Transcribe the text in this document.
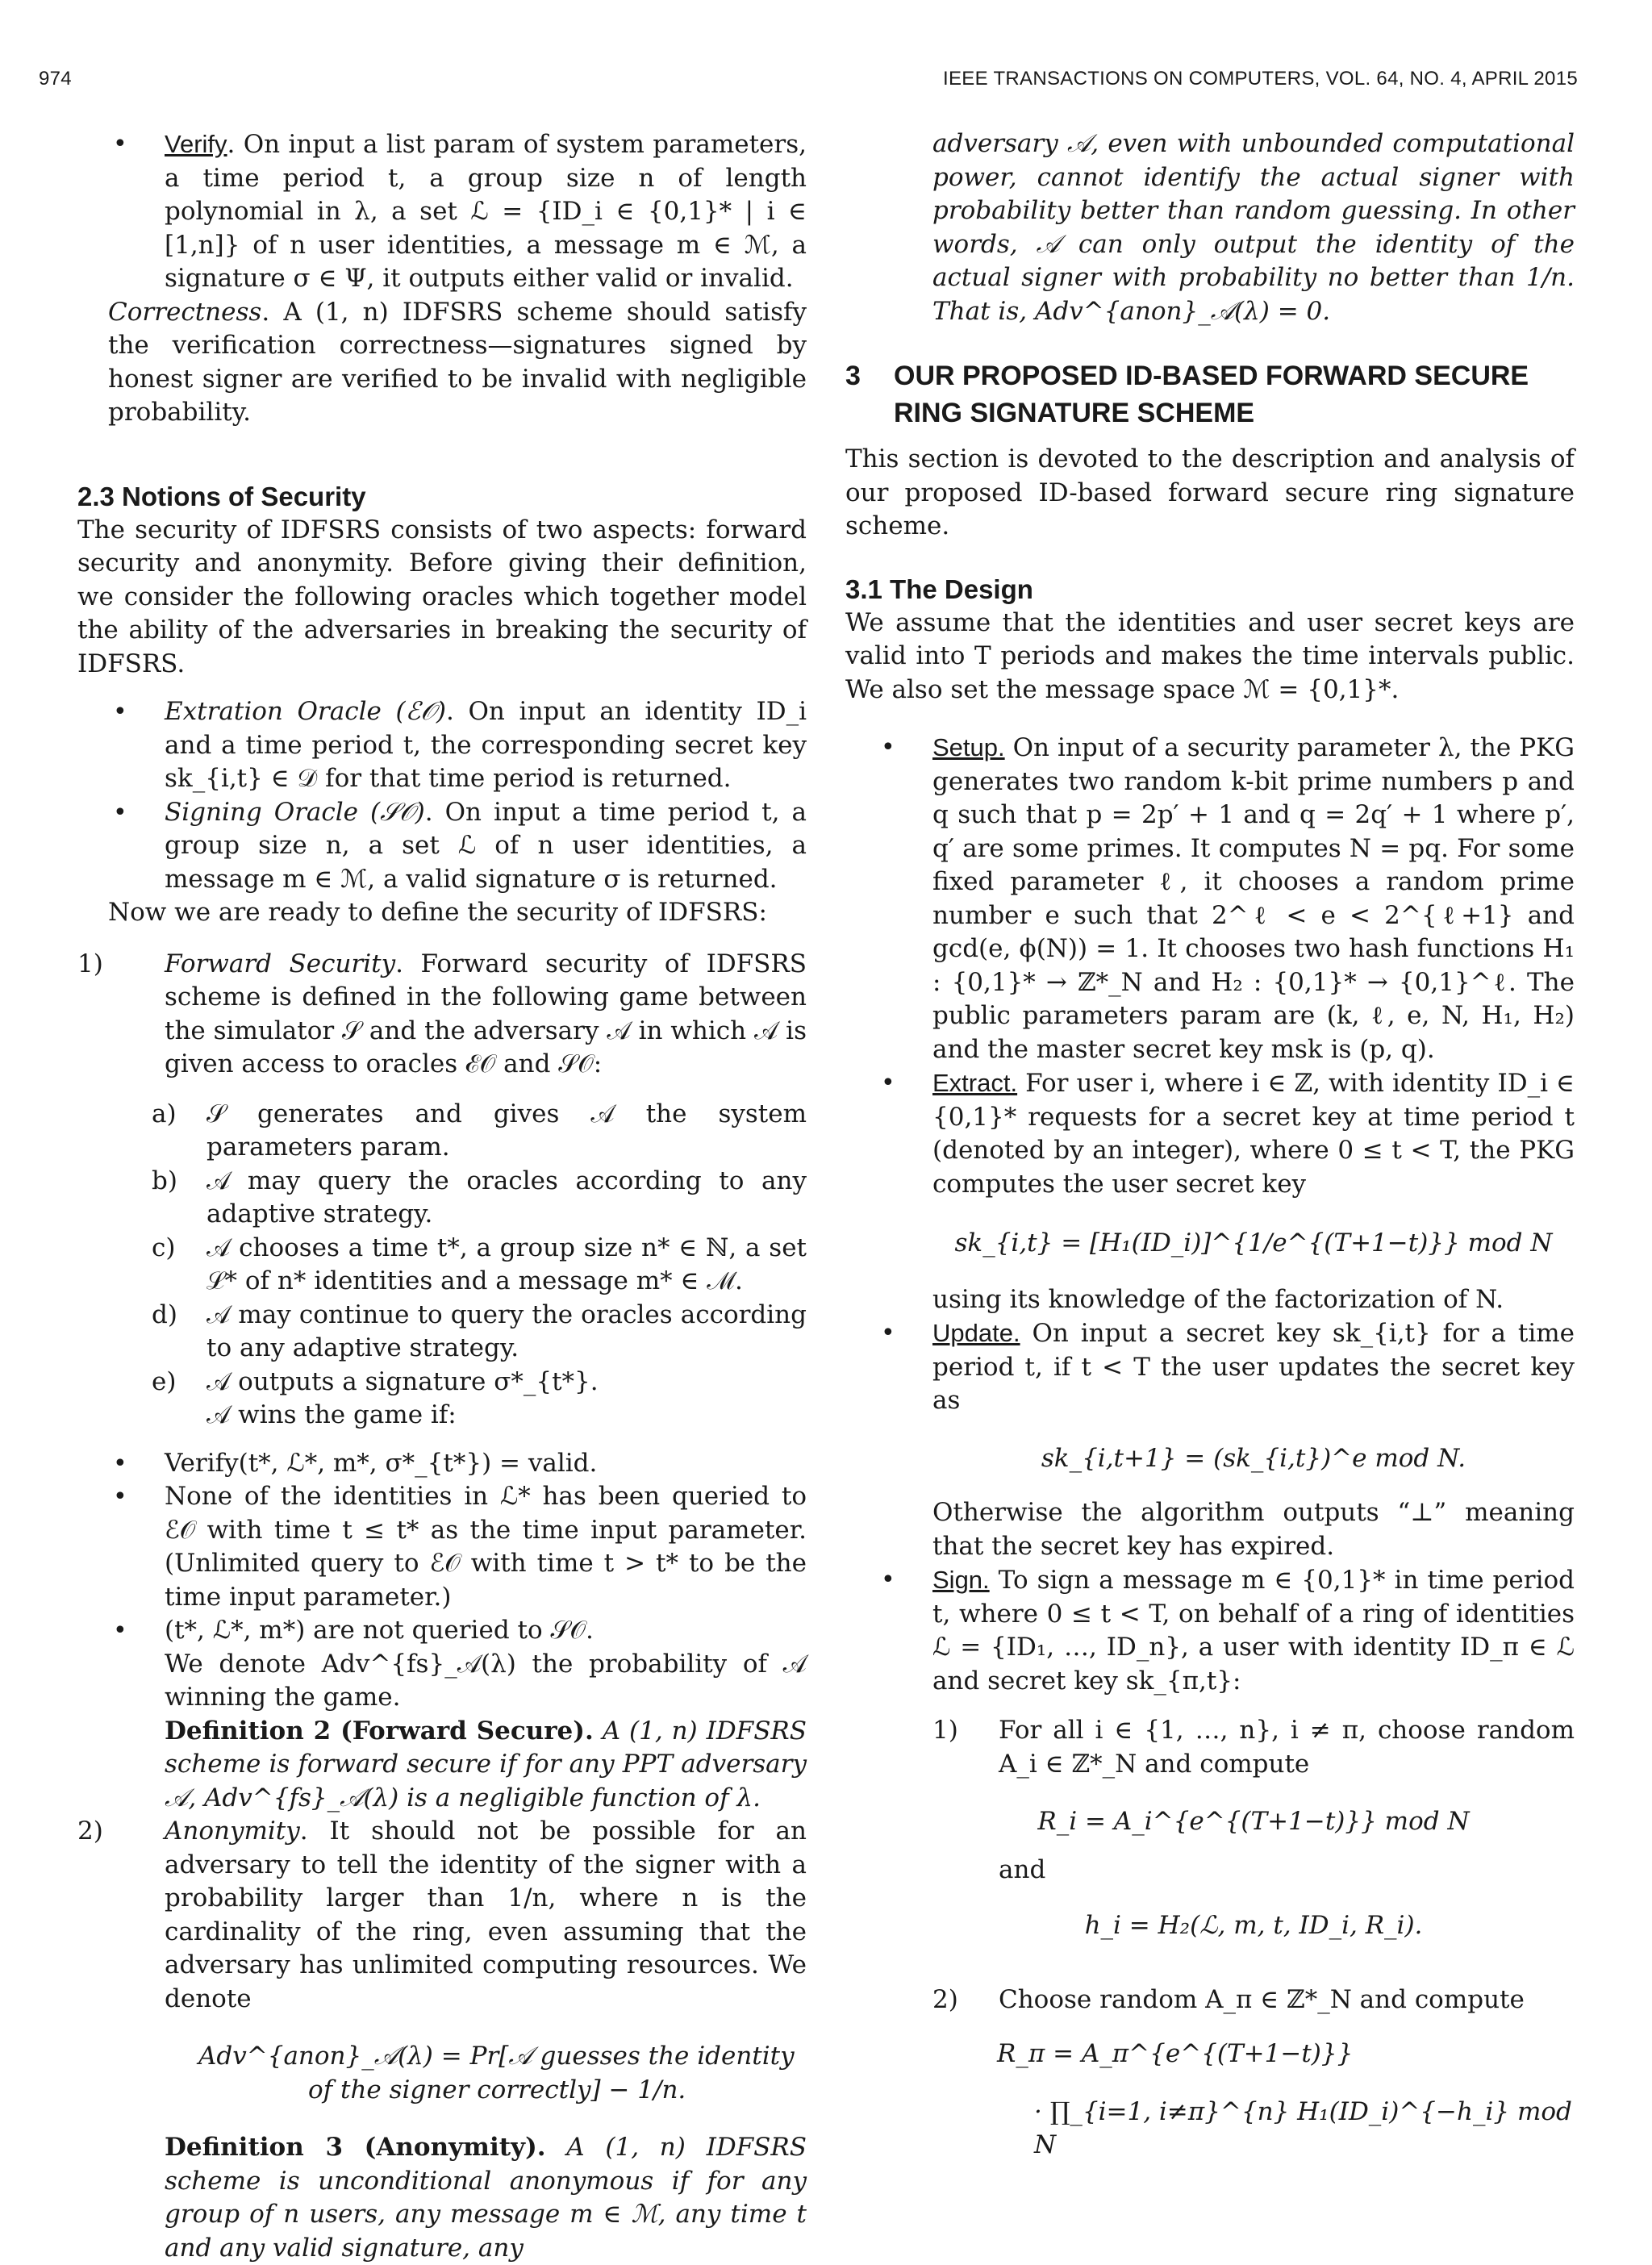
974	IEEE TRANSACTIONS ON COMPUTERS, VOL. 64, NO. 4, APRIL 2015

• Verify. On input a list param of system parameters, a time period t, a group size n of length polynomial in λ, a set ℒ = {ID_i ∈ {0,1}* | i ∈ [1,n]} of n user identities, a message m ∈ ℳ, a signature σ ∈ Ψ, it outputs either valid or invalid.

Correctness. A (1, n) IDFSRS scheme should satisfy the verification correctness—signatures signed by honest signer are verified to be invalid with negligible probability.

2.3 Notions of Security

The security of IDFSRS consists of two aspects: forward security and anonymity. Before giving their definition, we consider the following oracles which together model the ability of the adversaries in breaking the security of IDFSRS.

• Extration Oracle (ℰ𝒪). On input an identity ID_i and a time period t, the corresponding secret key sk_{i,t} ∈ 𝒟 for that time period is returned.

• Signing Oracle (𝒮𝒪). On input a time period t, a group size n, a set ℒ of n user identities, a message m ∈ ℳ, a valid signature σ is returned.

Now we are ready to define the security of IDFSRS:

1) Forward Security. Forward security of IDFSRS scheme is defined in the following game between the simulator 𝒮 and the adversary 𝒜 in which 𝒜 is given access to oracles ℰ𝒪 and 𝒮𝒪:

a) 𝒮 generates and gives 𝒜 the system parameters param.

b) 𝒜 may query the oracles according to any adaptive strategy.

c) 𝒜 chooses a time t*, a group size n* ∈ ℕ, a set ℒ* of n* identities and a message m* ∈ ℳ.

d) 𝒜 may continue to query the oracles according to any adaptive strategy.

e) 𝒜 outputs a signature σ*_{t*}.

𝒜 wins the game if:

• Verify(t*, ℒ*, m*, σ*_{t*}) = valid.

• None of the identities in ℒ* has been queried to ℰ𝒪 with time t ≤ t* as the time input parameter. (Unlimited query to ℰ𝒪 with time t > t* to be the time input parameter.)

• (t*, ℒ*, m*) are not queried to 𝒮𝒪.

We denote Adv^{fs}_𝒜(λ) the probability of 𝒜 winning the game.

Definition 2 (Forward Secure). A (1, n) IDFSRS scheme is forward secure if for any PPT adversary 𝒜, Adv^{fs}_𝒜(λ) is a negligible function of λ.

2) Anonymity. It should not be possible for an adversary to tell the identity of the signer with a probability larger than 1/n, where n is the cardinality of the ring, even assuming that the adversary has unlimited computing resources. We denote

Adv^{anon}_𝒜(λ) = Pr[𝒜 guesses the identity
of the signer correctly] − 1/n.

Definition 3 (Anonymity). A (1, n) IDFSRS scheme is unconditional anonymous if for any group of n users, any message m ∈ ℳ, any time t and any valid signature, any

adversary 𝒜, even with unbounded computational power, cannot identify the actual signer with probability better than random guessing. In other words, 𝒜 can only output the identity of the actual signer with probability no better than 1/n. That is, Adv^{anon}_𝒜(λ) = 0.

3 OUR PROPOSED ID-BASED FORWARD SECURE
RING SIGNATURE SCHEME

This section is devoted to the description and analysis of our proposed ID-based forward secure ring signature scheme.

3.1 The Design

We assume that the identities and user secret keys are valid into T periods and makes the time intervals public. We also set the message space ℳ = {0,1}*.

• Setup. On input of a security parameter λ, the PKG generates two random k-bit prime numbers p and q such that p = 2p′ + 1 and q = 2q′ + 1 where p′, q′ are some primes. It computes N = pq. For some fixed parameter ℓ, it chooses a random prime number e such that 2^ℓ < e < 2^{ℓ+1} and gcd(e, ϕ(N)) = 1. It chooses two hash functions H₁ : {0,1}* → ℤ*_N and H₂ : {0,1}* → {0,1}^ℓ. The public parameters param are (k, ℓ, e, N, H₁, H₂) and the master secret key msk is (p, q).

• Extract. For user i, where i ∈ ℤ, with identity ID_i ∈ {0,1}* requests for a secret key at time period t (denoted by an integer), where 0 ≤ t < T, the PKG computes the user secret key

sk_{i,t} = [H₁(ID_i)]^{1/e^{(T+1−t)}} mod N

using its knowledge of the factorization of N.

• Update. On input a secret key sk_{i,t} for a time period t, if t < T the user updates the secret key as

sk_{i,t+1} = (sk_{i,t})^e mod N.

Otherwise the algorithm outputs “⊥” meaning that the secret key has expired.

• Sign. To sign a message m ∈ {0,1}* in time period t, where 0 ≤ t < T, on behalf of a ring of identities ℒ = {ID₁, …, ID_n}, a user with identity ID_π ∈ ℒ and secret key sk_{π,t}:

1) For all i ∈ {1, …, n}, i ≠ π, choose random A_i ∈ ℤ*_N and compute

R_i = A_i^{e^{(T+1−t)}} mod N

and

h_i = H₂(ℒ, m, t, ID_i, R_i).

2) Choose random A_π ∈ ℤ*_N and compute

R_π = A_π^{e^{(T+1−t)}}
· ∏_{i=1, i≠π}^{n} H₁(ID_i)^{−h_i} mod N
